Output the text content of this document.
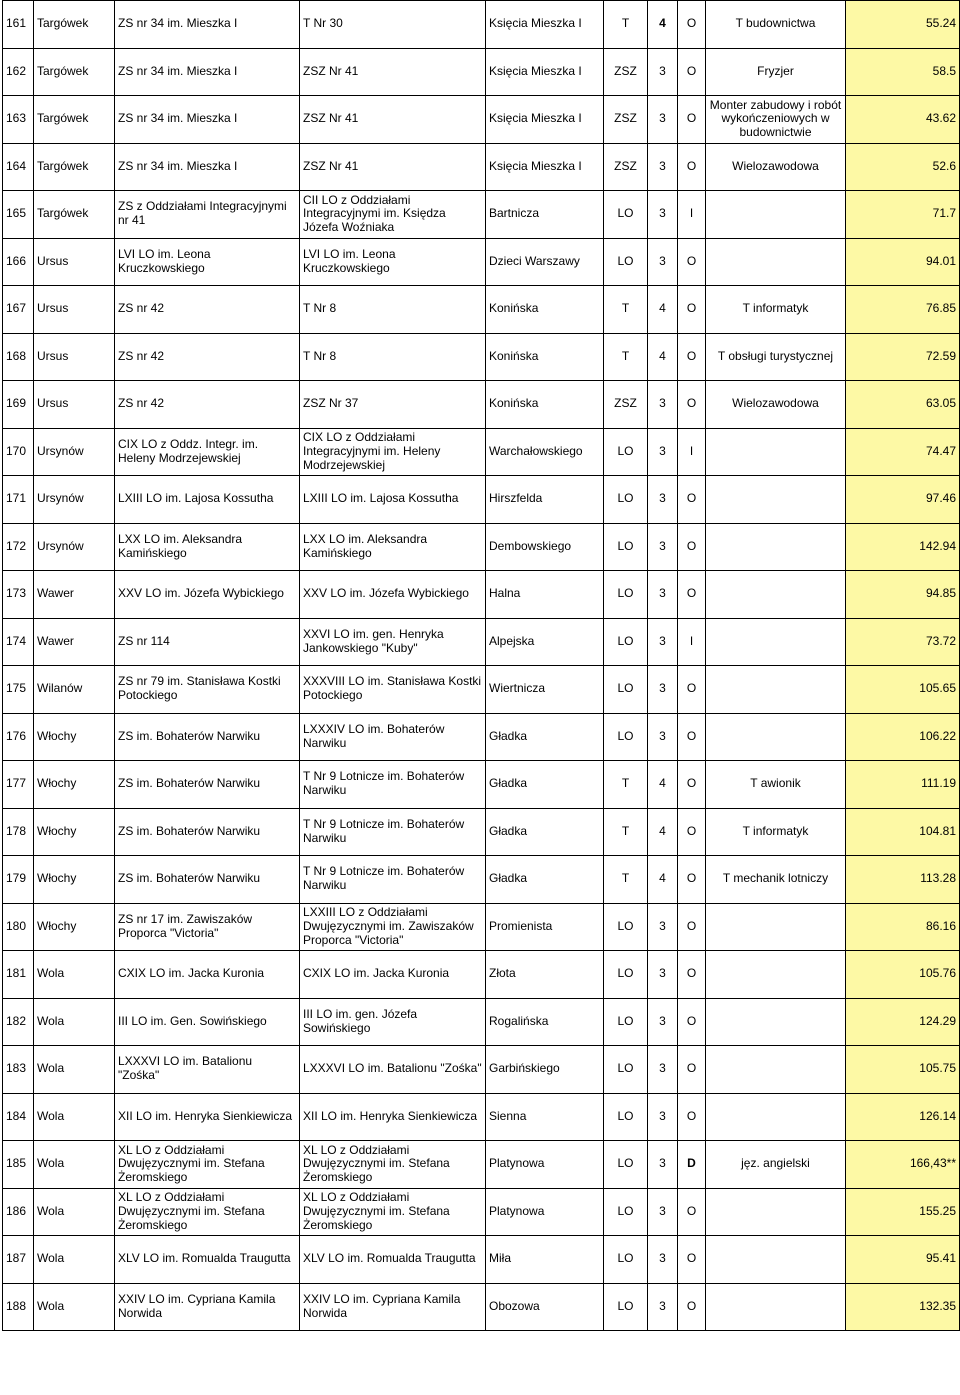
161	Targówek	ZS nr 34 im. Mieszka I	T Nr 30	Księcia Mieszka I	T	4	O	T budownictwa	55.24
162	Targówek	ZS nr 34 im. Mieszka I	ZSZ Nr 41	Księcia Mieszka I	ZSZ	3	O	Fryzjer	58.5
163	Targówek	ZS nr 34 im. Mieszka I	ZSZ Nr 41	Księcia Mieszka I	ZSZ	3	O	Monter zabudowy i robót wykończeniowych w budownictwie	43.62
164	Targówek	ZS nr 34 im. Mieszka I	ZSZ Nr 41	Księcia Mieszka I	ZSZ	3	O	Wielozawodowa	52.6
165	Targówek	ZS z Oddziałami Integracyjnymi nr 41	CII LO z Oddziałami Integracyjnymi im. Księdza Józefa Woźniaka	Bartnicza	LO	3	I		71.7
166	Ursus	LVI LO im. Leona Kruczkowskiego	LVI LO im. Leona Kruczkowskiego	Dzieci Warszawy	LO	3	O		94.01
167	Ursus	ZS nr 42	T Nr 8	Konińska	T	4	O	T informatyk	76.85
168	Ursus	ZS nr 42	T Nr 8	Konińska	T	4	O	T obsługi turystycznej	72.59
169	Ursus	ZS nr 42	ZSZ Nr 37	Konińska	ZSZ	3	O	Wielozawodowa	63.05
170	Ursynów	CIX LO z Oddz. Integr. im. Heleny Modrzejewskiej	CIX LO z Oddziałami Integracyjnymi im. Heleny Modrzejewskiej	Warchałowskiego	LO	3	I		74.47
171	Ursynów	LXIII LO im. Lajosa Kossutha	LXIII LO im. Lajosa Kossutha	Hirszfelda	LO	3	O		97.46
172	Ursynów	LXX LO im. Aleksandra Kamińskiego	LXX LO im. Aleksandra Kamińskiego	Dembowskiego	LO	3	O		142.94
173	Wawer	XXV LO im. Józefa Wybickiego	XXV LO im. Józefa Wybickiego	Halna	LO	3	O		94.85
174	Wawer	ZS nr 114	XXVI LO im. gen. Henryka Jankowskiego "Kuby"	Alpejska	LO	3	I		73.72
175	Wilanów	ZS nr 79 im. Stanisława Kostki Potockiego	XXXVIII LO im. Stanisława Kostki Potockiego	Wiertnicza	LO	3	O		105.65
176	Włochy	ZS im. Bohaterów Narwiku	LXXXIV LO im. Bohaterów Narwiku	Gładka	LO	3	O		106.22
177	Włochy	ZS im. Bohaterów Narwiku	T Nr 9 Lotnicze im. Bohaterów Narwiku	Gładka	T	4	O	T awionik	111.19
178	Włochy	ZS im. Bohaterów Narwiku	T Nr 9 Lotnicze im. Bohaterów Narwiku	Gładka	T	4	O	T informatyk	104.81
179	Włochy	ZS im. Bohaterów Narwiku	T Nr 9 Lotnicze im. Bohaterów Narwiku	Gładka	T	4	O	T mechanik lotniczy	113.28
180	Włochy	ZS nr 17 im. Zawiszaków Proporca "Victoria"	LXXIII LO z Oddziałami Dwujęzycznymi im. Zawiszaków Proporca "Victoria"	Promienista	LO	3	O		86.16
181	Wola	CXIX LO im. Jacka Kuronia	CXIX LO im. Jacka Kuronia	Złota	LO	3	O		105.76
182	Wola	III LO im. Gen. Sowińskiego	III LO im. gen. Józefa Sowińskiego	Rogalińska	LO	3	O		124.29
183	Wola	LXXXVI LO im. Batalionu "Zośka"	LXXXVI LO im. Batalionu "Zośka"	Garbińskiego	LO	3	O		105.75
184	Wola	XII LO im. Henryka Sienkiewicza	XII LO im. Henryka Sienkiewicza	Sienna	LO	3	O		126.14
185	Wola	XL LO z Oddziałami Dwujęzycznymi im. Stefana Żeromskiego	XL LO z Oddziałami Dwujęzycznymi im. Stefana Żeromskiego	Platynowa	LO	3	D	jęz. angielski	166,43**
186	Wola	XL LO z Oddziałami Dwujęzycznymi im. Stefana Żeromskiego	XL LO z Oddziałami Dwujęzycznymi im. Stefana Żeromskiego	Platynowa	LO	3	O		155.25
187	Wola	XLV LO im. Romualda Traugutta	XLV LO im. Romualda Traugutta	Miła	LO	3	O		95.41
188	Wola	XXIV LO im. Cypriana Kamila Norwida	XXIV LO im. Cypriana Kamila Norwida	Obozowa	LO	3	O		132.35
